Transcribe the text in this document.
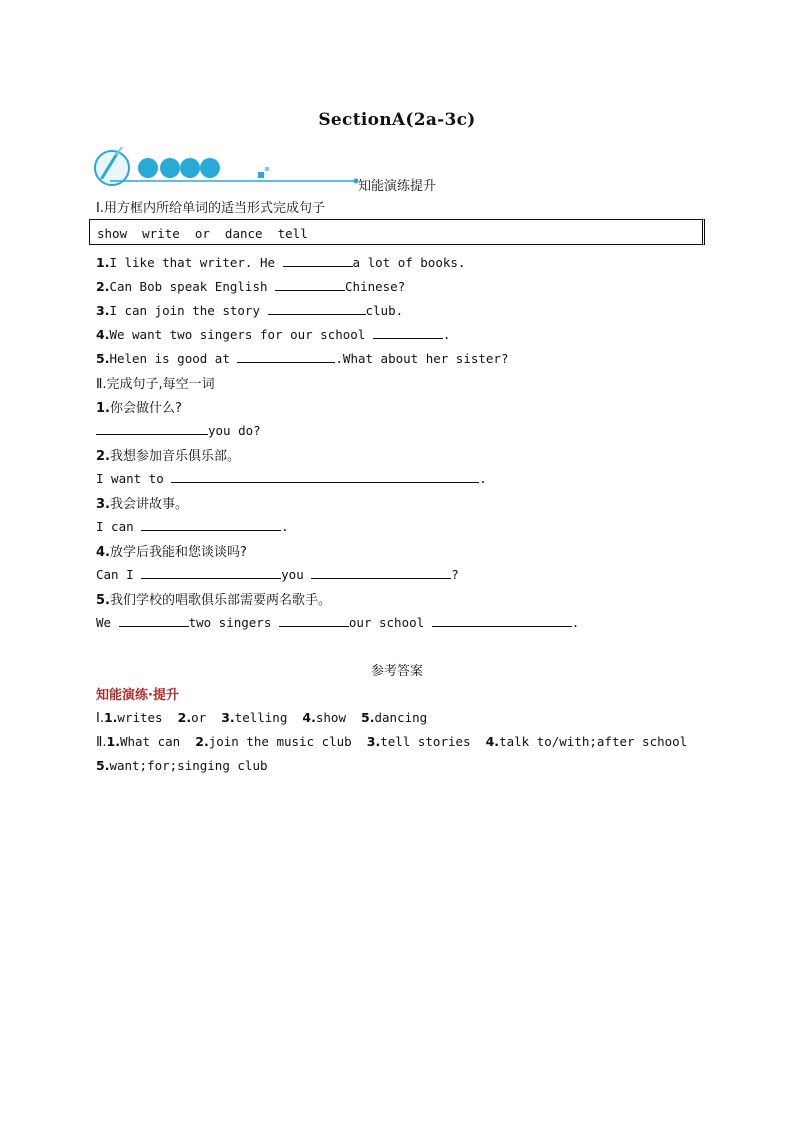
SectionA(2a-3c)
知能演练提升
Ⅰ.用方框内所给单词的适当形式完成句子
show  write  or  dance  tell
1.I like that writer. He	a lot of books.
2.Can Bob speak English	Chinese?
3.I can join the story	club.
4.We want two singers for our school	.
5.Helen is good at	.What about her sister?
Ⅱ.完成句子,每空一词
1.你会做什么?
you do?
2.我想参加音乐俱乐部。
I want to	.
3.我会讲故事。
I can	.
4.放学后我能和您谈谈吗?
Can I	you	?
5.我们学校的唱歌俱乐部需要两名歌手。
We	two singers	our school	.
参考答案
知能演练·提升
Ⅰ.1.writes 2.or 3.telling 4.show 5.dancing
Ⅱ.1.What can 2.join the music club 3.tell stories 4.talk to/with;after school
5.want;for;singing club
